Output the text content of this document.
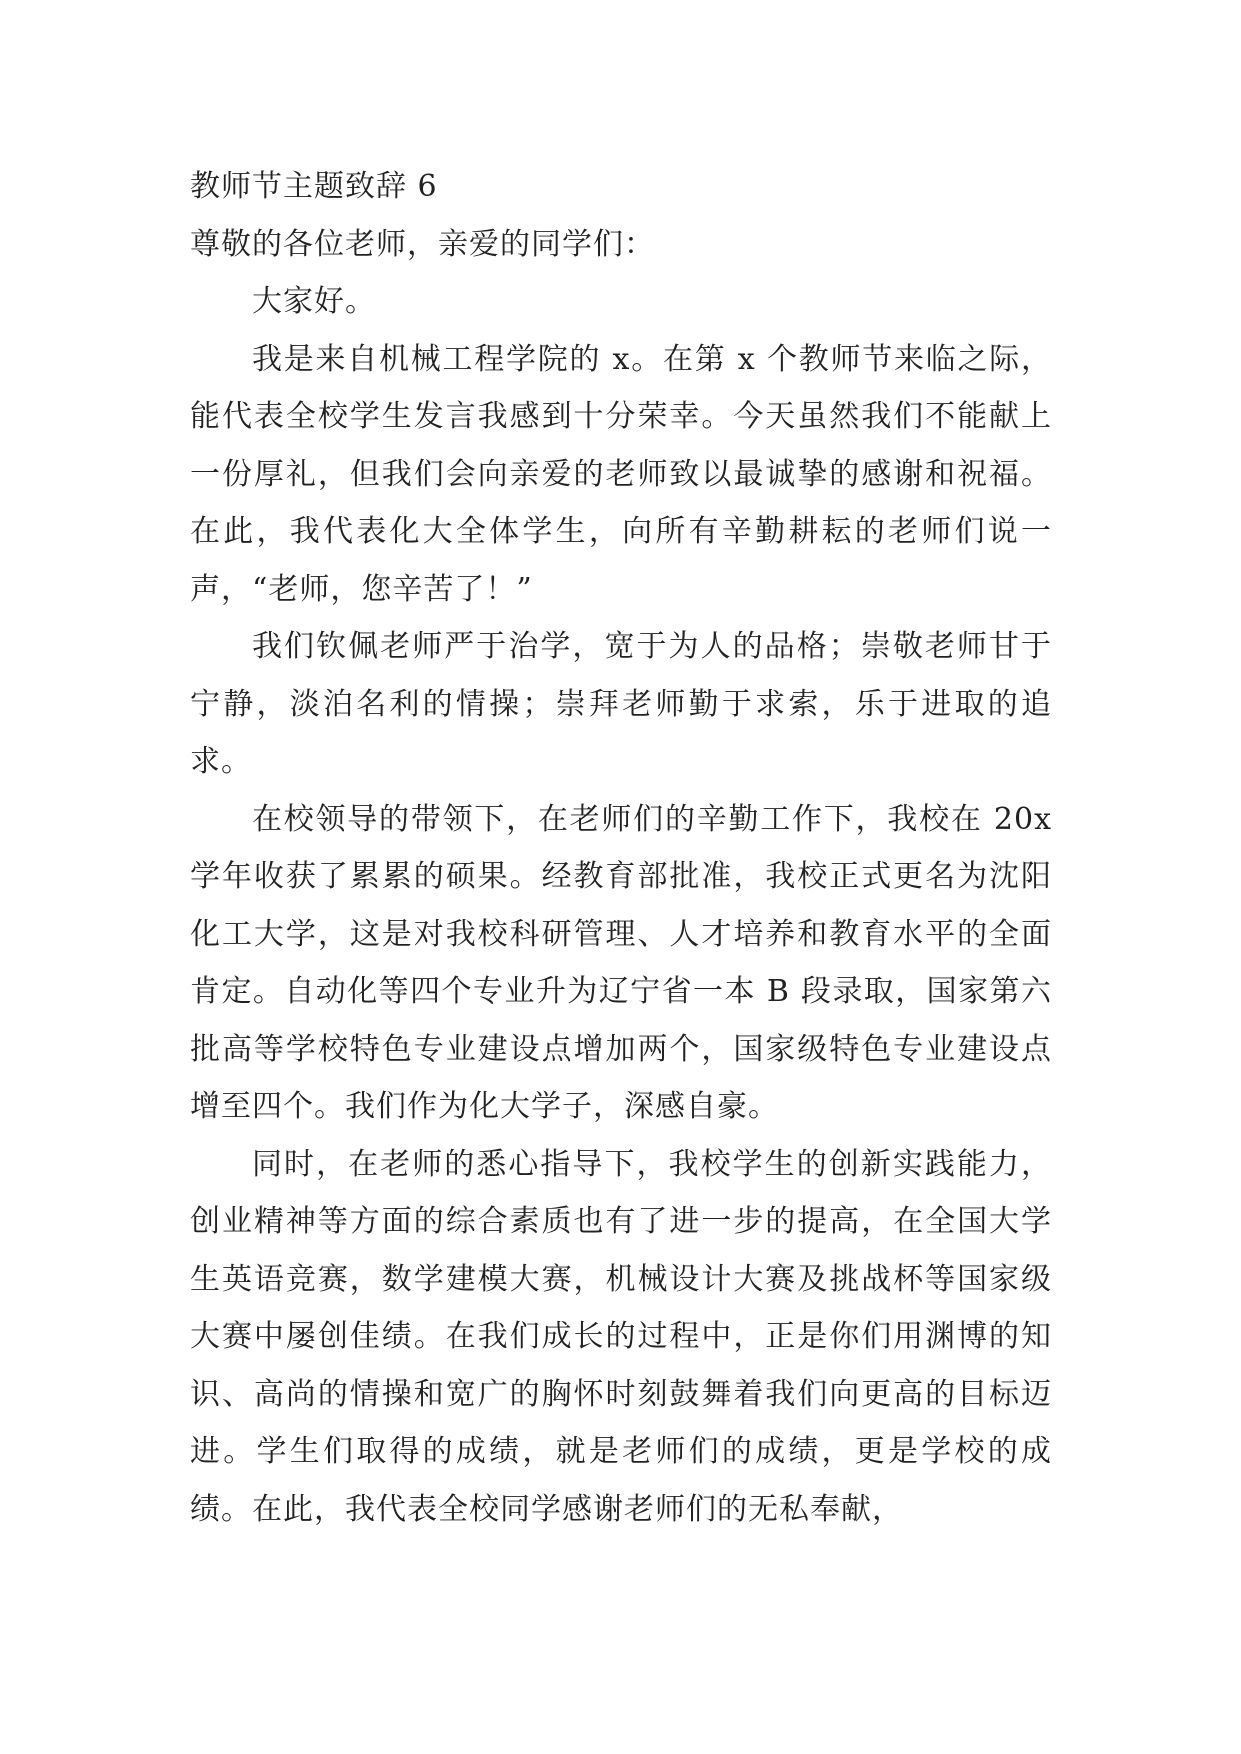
教师节主题致辞 6

尊敬的各位老师，亲爱的同学们：

大家好。

我是来自机械工程学院的 x。在第 x 个教师节来临之际，能代表全校学生发言我感到十分荣幸。今天虽然我们不能献上一份厚礼，但我们会向亲爱的老师致以最诚挚的感谢和祝福。在此，我代表化大全体学生，向所有辛勤耕耘的老师们说一声，“老师，您辛苦了！”

我们钦佩老师严于治学，宽于为人的品格；崇敬老师甘于宁静，淡泊名利的情操；崇拜老师勤于求索，乐于进取的追求。

在校领导的带领下，在老师们的辛勤工作下，我校在 20x 学年收获了累累的硕果。经教育部批准，我校正式更名为沈阳化工大学，这是对我校科研管理、人才培养和教育水平的全面肯定。自动化等四个专业升为辽宁省一本 B 段录取，国家第六批高等学校特色专业建设点增加两个，国家级特色专业建设点增至四个。我们作为化大学子，深感自豪。

同时，在老师的悉心指导下，我校学生的创新实践能力，创业精神等方面的综合素质也有了进一步的提高，在全国大学生英语竞赛，数学建模大赛，机械设计大赛及挑战杯等国家级大赛中屡创佳绩。在我们成长的过程中，正是你们用渊博的知识、高尚的情操和宽广的胸怀时刻鼓舞着我们向更高的目标迈进。学生们取得的成绩，就是老师们的成绩，更是学校的成绩。在此，我代表全校同学感谢老师们的无私奉献，
